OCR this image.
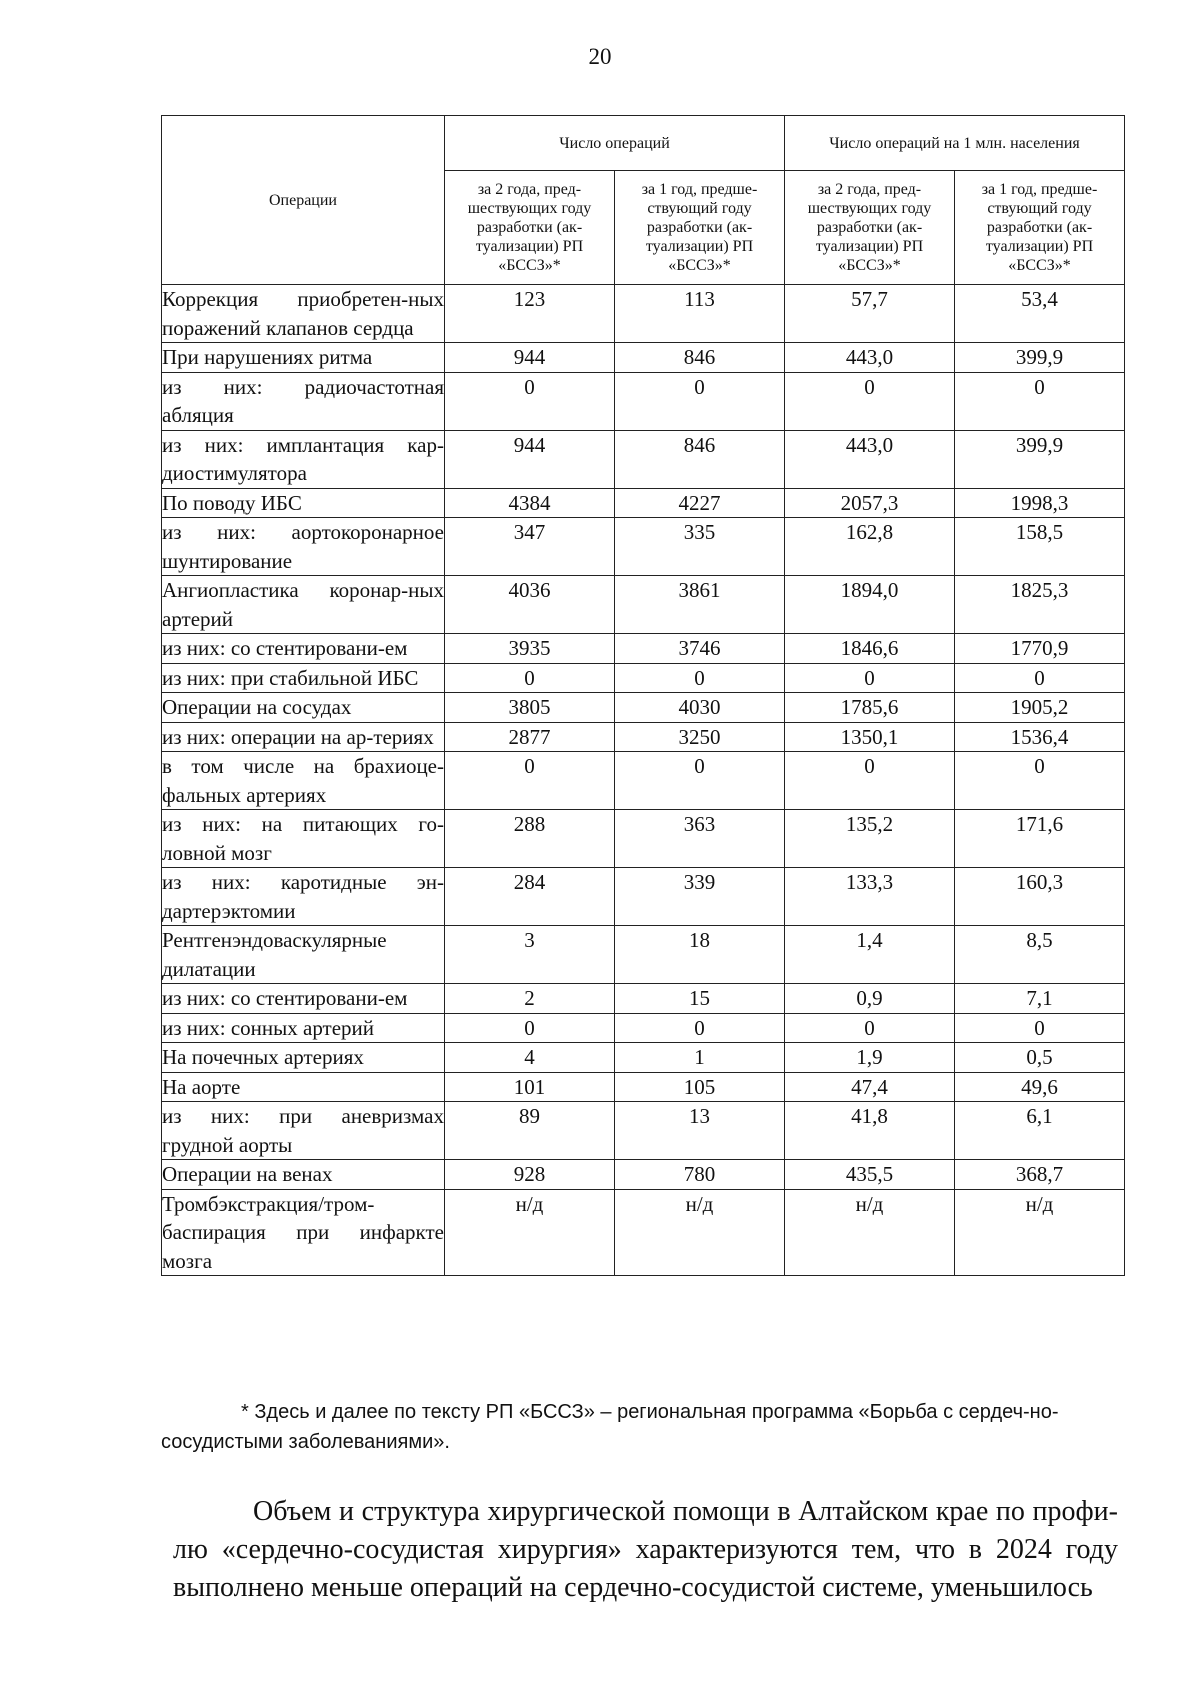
20
Операции	Число операций		Число операций на 1 млн. населения	
	за 2 года, пред-шествующих году разработки (ак-туализации) РП «БССЗ»*	за 1 год, предше-ствующий году разработки (ак-туализации) РП «БССЗ»*	за 2 года, пред-шествующих году разработки (ак-туализации) РП «БССЗ»*	за 1 год, предше-ствующий году разработки (ак-туализации) РП «БССЗ»*
Коррекция приобретен-ных поражений клапанов сердца	123	113	57,7	53,4
При нарушениях ритма	944	846	443,0	399,9
из них: радиочастотная абляция	0	0	0	0
из них: имплантация кар-диостимулятора	944	846	443,0	399,9
По поводу ИБС	4384	4227	2057,3	1998,3
из них: аортокоронарное шунтирование	347	335	162,8	158,5
Ангиопластика коронар-ных артерий	4036	3861	1894,0	1825,3
из них: со стентировани-ем	3935	3746	1846,6	1770,9
из них: при стабильной ИБС	0	0	0	0
Операции на сосудах	3805	4030	1785,6	1905,2
из них: операции на ар-териях	2877	3250	1350,1	1536,4
в том числе на брахиоце-фальных артериях	0	0	0	0
из них: на питающих го-ловной мозг	288	363	135,2	171,6
из них: каротидные эн-дартерэктомии	284	339	133,3	160,3
Рентгенэндоваскулярные дилатации	3	18	1,4	8,5
из них: со стентировани-ем	2	15	0,9	7,1
из них: сонных артерий	0	0	0	0
На почечных артериях	4	1	1,9	0,5
На аорте	101	105	47,4	49,6
из них: при аневризмах грудной аорты	89	13	41,8	6,1
Операции на венах	928	780	435,5	368,7
Тромбэкстракция/тром-баспирация при инфаркте мозга	н/д	н/д	н/д	н/д
* Здесь и далее по тексту РП «БССЗ» – региональная программа «Борьба с сердеч-но-сосудистыми заболеваниями».
Объем и структура хирургической помощи в Алтайском крае по профи-лю «сердечно-сосудистая хирургия» характеризуются тем, что в 2024 году выполнено меньше операций на сердечно-сосудистой системе, уменьшилось
